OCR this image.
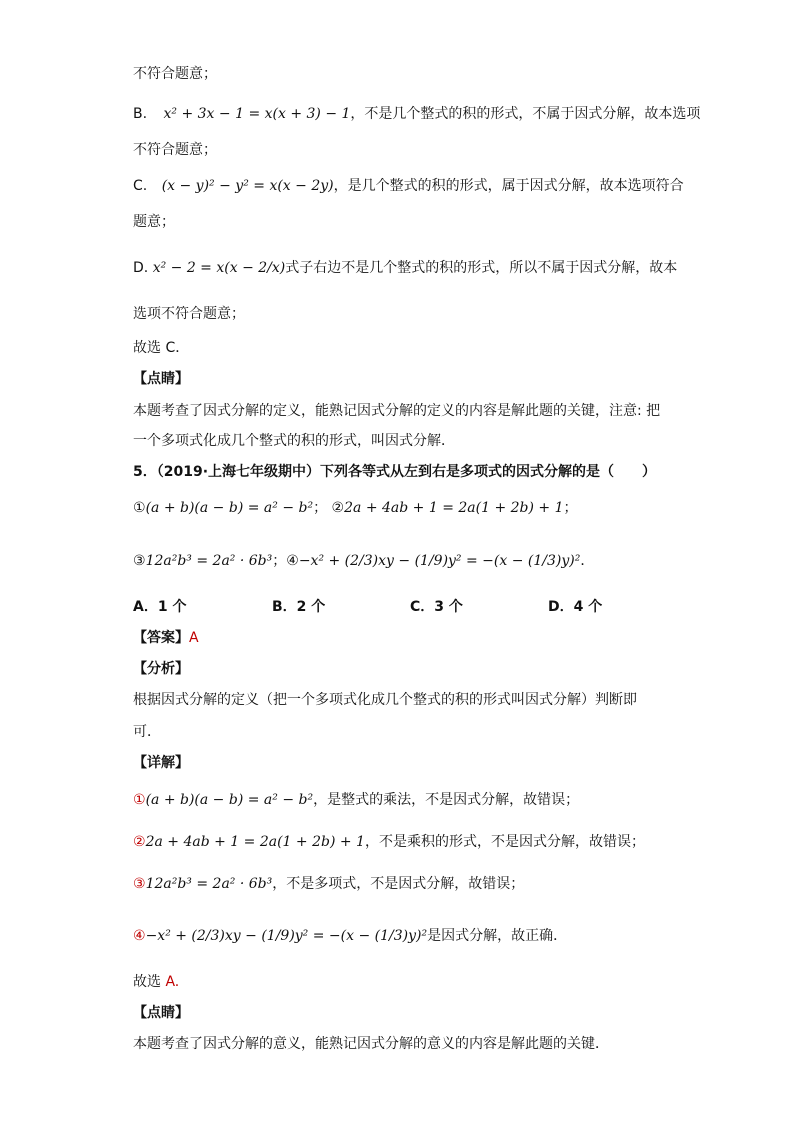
不符合题意；
B. x² + 3x − 1 = x(x + 3) − 1，不是几个整式的积的形式，不属于因式分解，故本选项
不符合题意；
C. (x − y)² − y² = x(x − 2y)，是几个整式的积的形式，属于因式分解，故本选项符合
题意；
D. x² − 2 = x(x − 2/x)式子右边不是几个整式的积的形式，所以不属于因式分解，故本
选项不符合题意；
故选 C．
【点睛】
本题考查了因式分解的定义，能熟记因式分解的定义的内容是解此题的关键，注意: 把
一个多项式化成几个整式的积的形式，叫因式分解．
5．（2019·上海七年级期中）下列各等式从左到右是多项式的因式分解的是（　　）
①(a + b)(a − b) = a² − b²； ②2a + 4ab + 1 = 2a(1 + 2b) + 1；
③12a²b³ = 2a² · 6b³；④−x² + (2/3)xy − (1/9)y² = −(x − (1/3)y)²．
A．1 个	B．2 个	C．3 个	D．4 个
【答案】A
【分析】
根据因式分解的定义（把一个多项式化成几个整式的积的形式叫因式分解）判断即
可．
【详解】
①(a + b)(a − b) = a² − b²，是整式的乘法，不是因式分解，故错误；
②2a + 4ab + 1 = 2a(1 + 2b) + 1，不是乘积的形式，不是因式分解，故错误；
③12a²b³ = 2a² · 6b³，不是多项式，不是因式分解，故错误；
④−x² + (2/3)xy − (1/9)y² = −(x − (1/3)y)²是因式分解，故正确．
故选 A.
【点睛】
本题考查了因式分解的意义，能熟记因式分解的意义的内容是解此题的关键．
